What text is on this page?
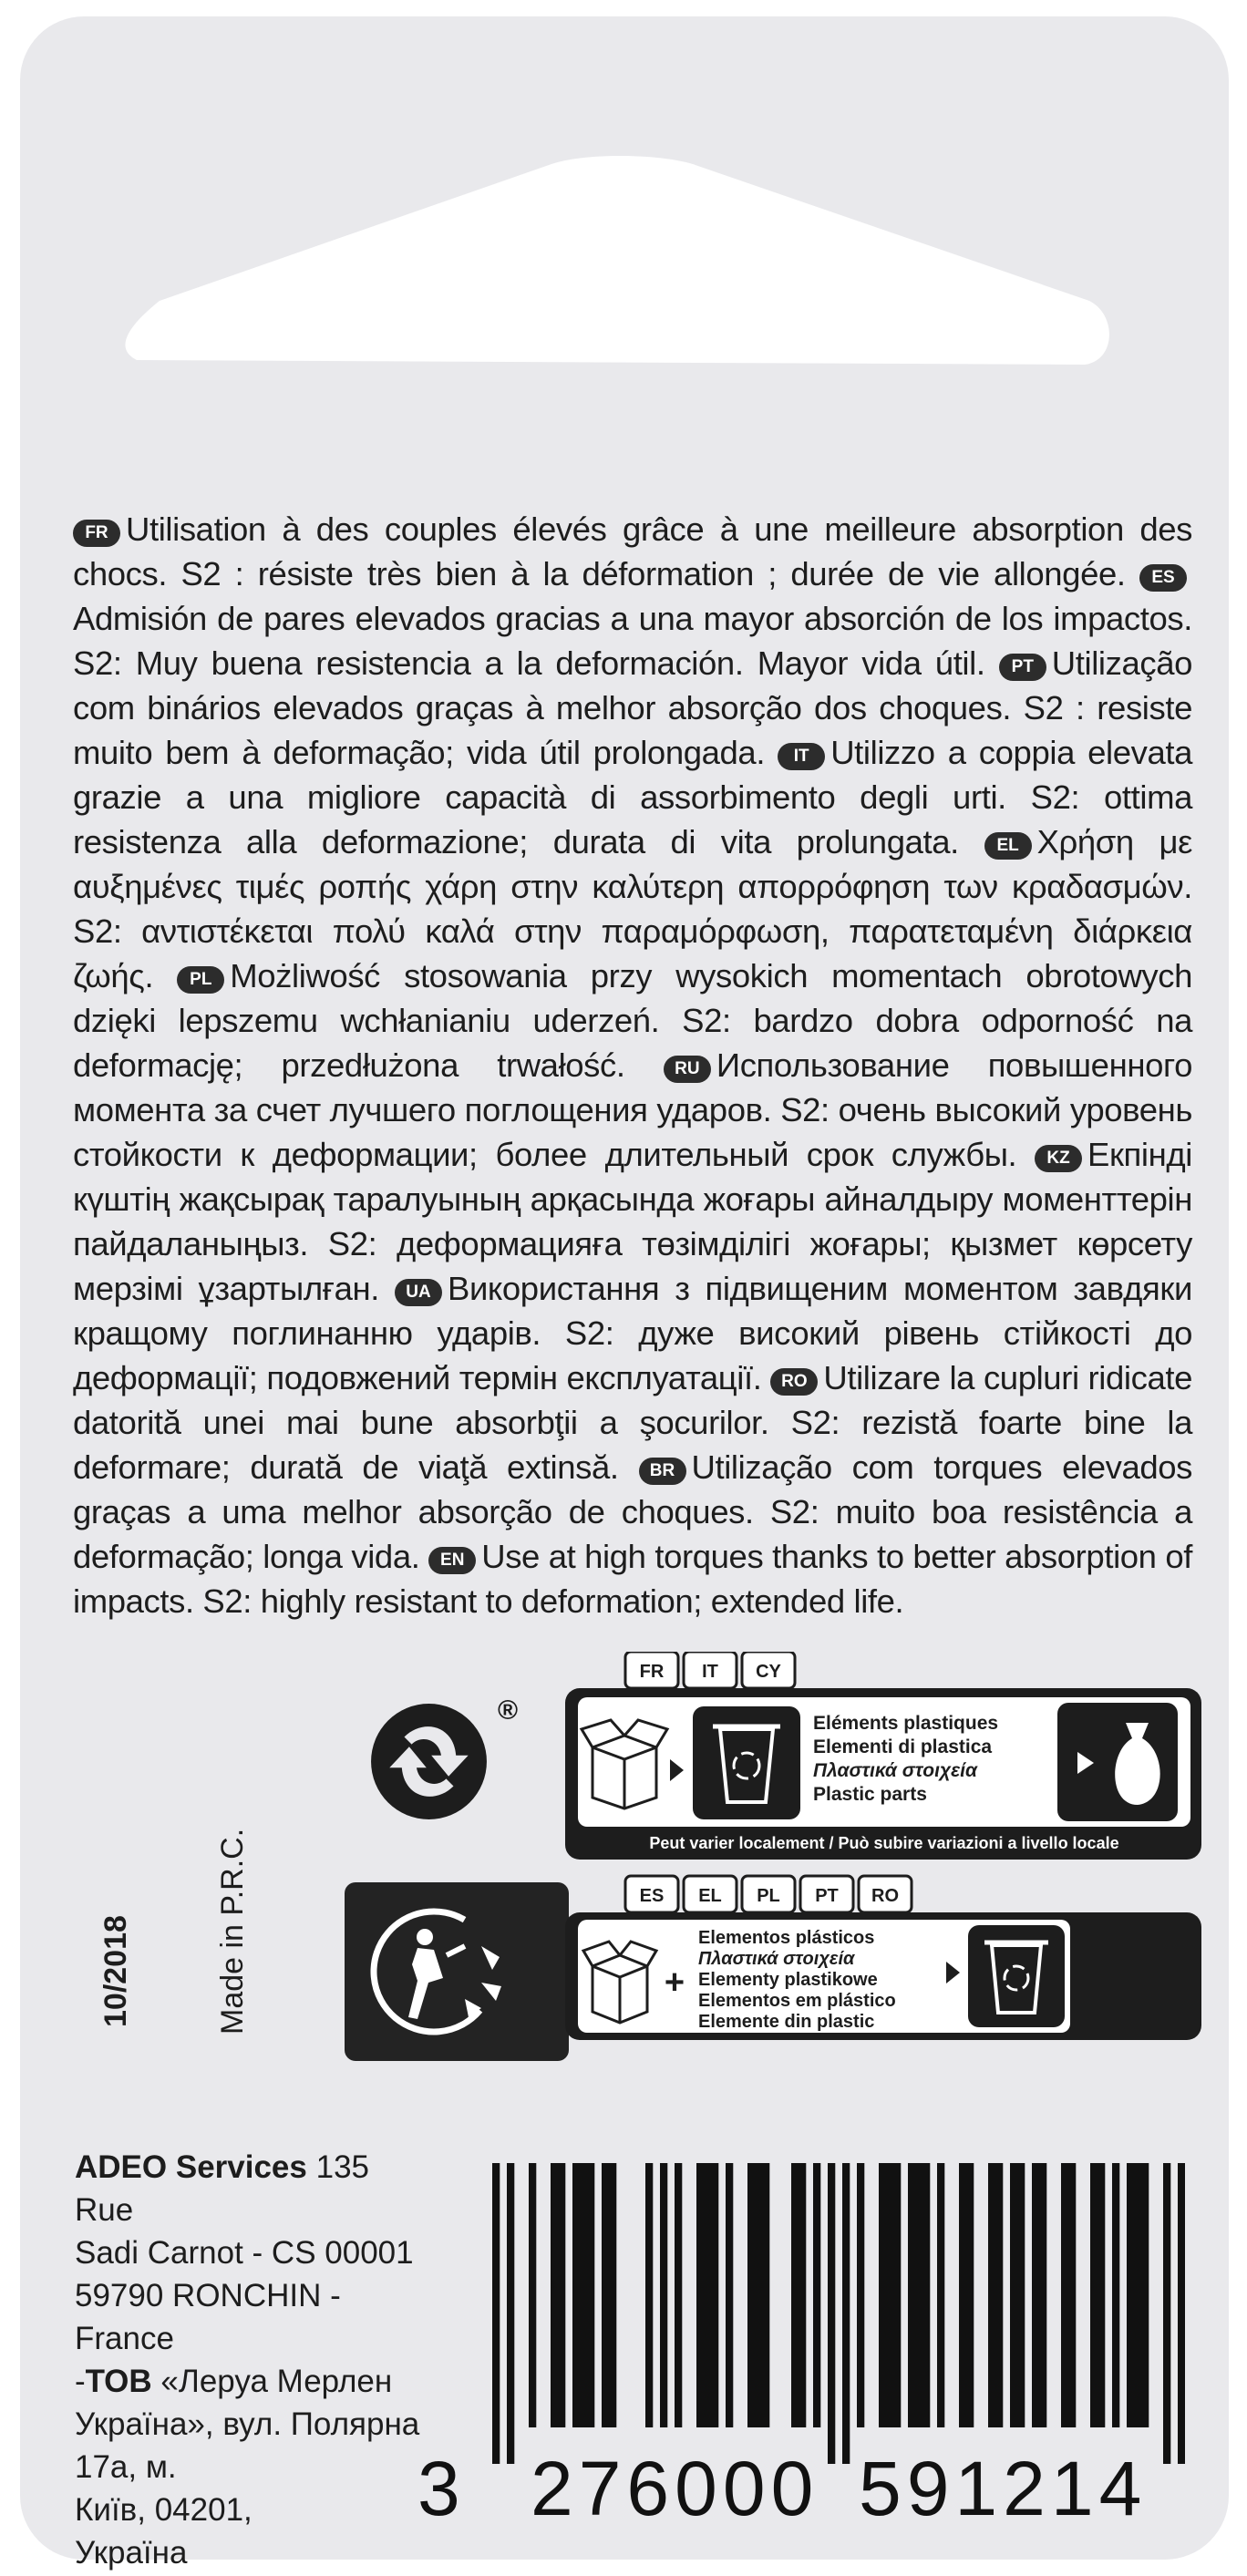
FR Utilisation à des couples élevés grâce à une meilleure absorption des chocs. S2 : résiste très bien à la déformation ; durée de vie allongée. ESAdmisión de pares elevados gracias a una mayor absorción de los impactos. S2: Muy buena resistencia a la deformación. Mayor vida útil. PT Utilização com binários elevados graças à melhor absorção dos choques. S2 : resiste muito bem à deformação; vida útil prolongada. IT Utilizzo a coppia elevata grazie a una migliore capacità di assorbimento degli urti. S2: ottima resistenza alla deformazione; durata di vita prolungata. EL Χρήση με αυξημένες τιμές ροπής χάρη στην καλύτερη απορρόφηση των κραδασμών. S2: αντιστέκεται πολύ καλά στην παραμόρφωση, παρατεταμένη διάρκεια ζωής. PL Możliwość stosowania przy wysokich momentach obrotowych dzięki lepszemu wchłanianiu uderzeń. S2: bardzo dobra odporność na deformację; przedłużona trwałość.	RU Использование повышенного момента за счет лучшего поглощения ударов. S2: очень высокий уровень стойкости к деформации; более длительный срок службы. KZ Екпінді күштің жақсырақ таралуының арқасында жоғары айналдыру моменттерін пайдаланыңыз. S2: деформацияға төзімділігі жоғары; қызмет көрсету мерзімі ұзартылған. UA Використання з підвищеним моментом завдяки кращому поглинанню ударів. S2: дуже високий рівень стійкості до деформації; подовжений термін експлуатації. RO Utilizare la cupluri ridicate datorită unei mai bune absorbţii a şocurilor. S2: rezistă foarte bine la deformare; durată de viaţă extinsă. BR Utilização com torques elevados graças a uma melhor absorção de choques. S2: muito boa resistência a deformação; longa vida. EN Use at high torques thanks to better absorption of impacts. S2: highly resistant to deformation; extended life.

10/2018	Made in P.R.C.
®
FR IT CY
Eléments plastiques
Elementi di plastica
Πλαστικά στοιχεία
Plastic parts
Peut varier localement / Può subire variazioni a livello locale
ES EL PL PT RO
+
Elementos plásticos
Πλαστικά στοιχεία
Elementy plastikowe
Elementos em plástico
Elemente din plastic

ADEO Services 135 Rue
Sadi Carnot - CS 00001
59790 RONCHIN - France
-ТОВ «Леруа Мерлен
Україна», вул. Полярна
17а, м.
Київ, 04201,
Україна

3 276000 591214
